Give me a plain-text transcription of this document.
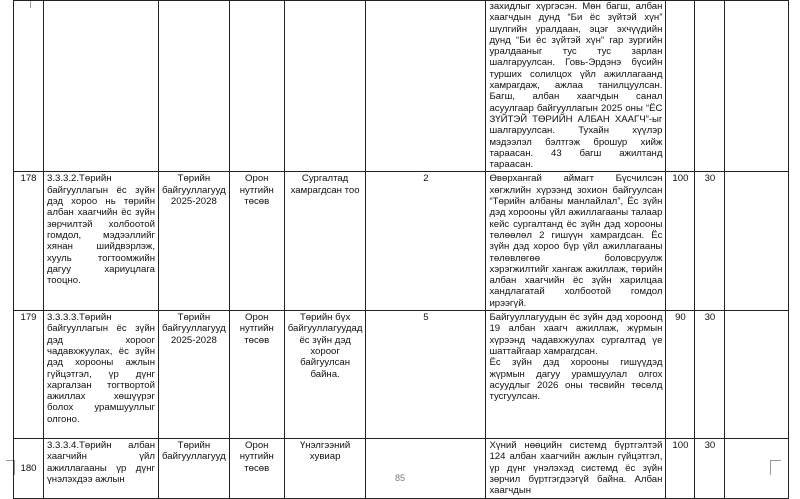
						захидлыг хүргэсэн. Мөн багш, албан хаагчдын дунд “Би ёс зүйтэй хүн” шүлгийн уралдаан, эцэг эхчүүдийн дунд “Би ёс зүйтэй хүн” гар зургийн уралдааныг тус тус зарлан шалгаруулсан. Говь-Эрдэнэ бүсийн турших солилцох үйл ажиллагаанд хамрагдаж, ажлаа танилцуулсан. Багш, албан хаагчдын санал асуулгаар байгууллагын 2025 оны “ЁС ЗҮЙТЭЙ ТӨРИЙН АЛБАН ХААГЧ”-ыг шалгаруулсан. Тухайн хүүлэр мэдээлэл бэлтгэж брошур хийж тараасан. 43 багш ажилтанд тараасан.			
178	3.3.3.2.Төрийн байгууллагын ёс зүйн дэд хороо нь төрийн албан хаагчийн ёс зүйн зөрчилтэй холбоотой гомдол, мэдээллийг хянан шийдвэрлэж, хууль тогтоомжийн дагуу хариуцлага тооцно.	Төрийн байгууллагууд 2025-2028	Орон нутгийн төсөв	Сургалтад хамрагдсан тоо	2	Өвөрхангай аймагт Бүсчилсэн хөгжлийн хүрээнд зохион байгуулсан “Төрийн албаны манлайлал”, Ёс зүйн дэд хорооны үйл ажиллагааны талаар кейс сургалтанд ёс зүйн дэд хорооны төлөөлөл 2 гишүүн хамрагдсан. Ёс зүйн дэд хороо бүр үйл ажиллагааны төлөвлөгөө боловсруулж хэрэгжилтийг хангаж ажиллаж, төрийн албан хаагчийн ёс зүйн харилцаа хандлагатай холбоотой гомдол ирээгүй.	100	30	
179	3.3.3.3.Төрийн байгууллагын ёс зүйн дэд хороог чадавхжуулах, ёс зүйн дэд хорооны ажлын гүйцэтгэл, үр дүнг харгалзан тогтвортой ажиллах хөшүүрэг болох урамшууллыг олгоно.	Төрийн байгууллагууд 2025-2028	Орон нутгийн төсөв	Төрийн бүх байгууллагуудад ёс зүйн дэд хороог байгуулсан байна.	5	Байгууллагуудын ёс зүйн дэд хороонд 19 албан хаагч ажиллаж, жүрмын хүрээнд чадавхжуулах сургалтад үе шаттайгаар хамрагдсан.
Ёс зүйн дэд хорооны гишүүдэд жүрмын дагуу урамшуулал олгох асуудлыг 2026 оны төсвийн төсөлд тусгуулсан.	90	30	
180	3.3.3.4.Төрийн албан хаагчийн үйл ажиллагааны үр дүнг үнэлэхдээ ажлын	Төрийн байгууллагууд	Орон нутгийн төсөв	Үнэлгээний хувиар		Хүний нөөцийн системд бүртгэлтэй 124 албан хаагчийн ажлын гүйцэтгэл, үр дүнг үнэлэхэд системд ёс зүйн зөрчил бүртгэгдээгүй байна. Албан хаагчдын	100	30	
85
